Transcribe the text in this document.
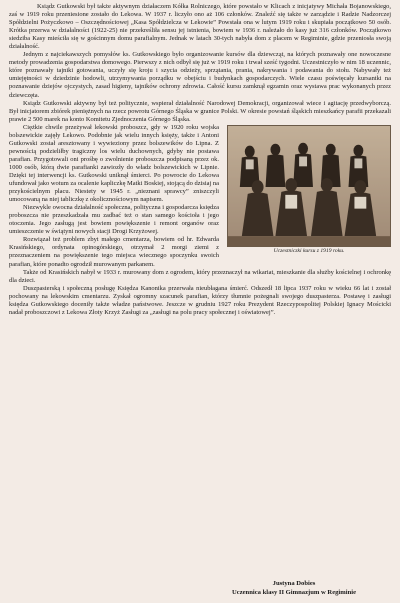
Ksiądz Gutkowski był także aktywnym działaczem Kółka Rolniczego, które powstało w Klicach z inicjatywy Michała Bojanowskiego, zaś w 1919 roku przeniesione zostało do Lekowa. W 1937 r. liczyło ono aż 106 członków. Znaleźć się także w zarządzie i Radzie Nadzorczej Spółdzielni Pożyczkowo – Oszczędnościowej „Kasa Spółdzielcza w Lekowie” Powstała ona w lutym 1919 roku i skupiała początkowo 50 osób. Krótka przerwa w działalności (1922-25) nie przekreśliła sensu jej istnienia, bowiem w 1936 r. należało do kasy już 316 członków. Początkowo siedziba Kasy mieściła się w gościnnym domu parafialnym. Jednak w latach 30-tych nabyła dom z placem w Regiminie, gdzie przeniosła swoją działalność.

Jednym z najciekawszych pomysłów ks. Gutkowskiego było organizowanie kursów dla dziewcząt, na których poznawały one nowoczesne metody prowadzenia gospodarstwa domowego. Pierwszy z nich odbył się już w 1919 roku i trwał sześć tygodni. Uczestniczyło w nim 18 uczennic, które poznawały tajniki gotowania, uczyły się kroju i szycia odzieży, sprzątania, prania, nakrywania i podawania do stołu. Nabywały też umiejętności w dziedzinie hodowli, utrzymywania porządku w obejściu i budynkach gospodarczych. Wiele czasu poświęcały kursantki na poznawanie dziejów ojczystych, zasad higieny, tajników ochrony zdrowia. Całość kursu zamknął egzamin oraz wystawa prac wykonanych przez dziewczęta.

Ksiądz Gutkowski aktywny był też politycznie, wspierał działalność Narodowej Demokracji, organizował wiece i agitację przedwyborczą. Był inicjatorem zbiórek pieniężnych na rzecz powrotu Górnego Śląska w granice Polski. W okresie powstań śląskich mieszkańcy parafii przekazali prawie 2 500 marek na konto Komitetu Zjednoczenia Górnego Śląska.

Uczestniczki kursu z 1919 roku.

Ciężkie chwile przeżywał lekowski proboszcz, gdy w 1920 roku wojska bolszewickie zajęły Lekowo. Podobnie jak wielu innych księży, także i Antoni Gutkowski został aresztowany i wywieziony przez bolszewików do Lipna. Z pewnością podzieliłby tragiczny los wielu duchownych, gdyby nie postawa parafian. Przygotowali oni prośbę o zwolnienie proboszcza podpisaną przez ok. 1000 osób, którą dwie parafianki zawiozły do władz bolszewickich w Lipnie. Dzięki tej interwencji ks. Gutkowski uniknął śmierci. Po powrocie do Lekowa ufundował jako wotum za ocalenie kapliczkę Matki Boskiej, stojącą do dzisiaj na przykościelnym placu. Niestety w 1945 r. „nieznani sprawcy” zniszczyli umocowaną na niej tabliczkę z okolicznościowym napisem.

Niezwykle owocna działalność społeczna, polityczna i gospodarcza księdza proboszcza nie przeszkadzała mu zadbać też o stan samego kościoła i jego otoczenia. Jego zasługą jest bowiem powiększenie i remont organów oraz umieszczenie w świątyni nowych stacji Drogi Krzyżowej.

Rozwiązał też problem zbyt małego cmentarza, bowiem od hr. Edwarda Krasińskiego, ordynata opinogórskiego, otrzymał 2 morgi ziemi z przeznaczeniem na powiększenie tego miejsca wiecznego spoczynku swoich parafian, które ponadto ogrodził murowanym parkanem.

Także od Krasińskich nabył w 1933 r. murowany dom z ogrodem, który przeznaczył na wikariat, mieszkanie dla służby kościelnej i ochronkę dla dzieci.

Duszpasterską i społeczną posługę Księdza Kanonika przerwała nieubłagana śmierć. Odszedł 18 lipca 1937 roku w wieku 66 lat i został pochowany na lekowskim cmentarzu. Zyskał ogromny szacunek parafian, którzy tłumnie pożegnali swojego duszpasterza. Postawę i zasługi księdza Gutkowskiego doceniły także władze państwowe. Jeszcze w grudniu 1927 roku Prezydent Rzeczypospolitej Polskiej Ignacy Mościcki nadał proboszczowi z Lekowa Złoty Krzyż Zasługi za „zasługi na polu pracy społecznej i oświatowej”.

Justyna Dobies
Uczennica klasy II Gimnazjum w Regiminie
